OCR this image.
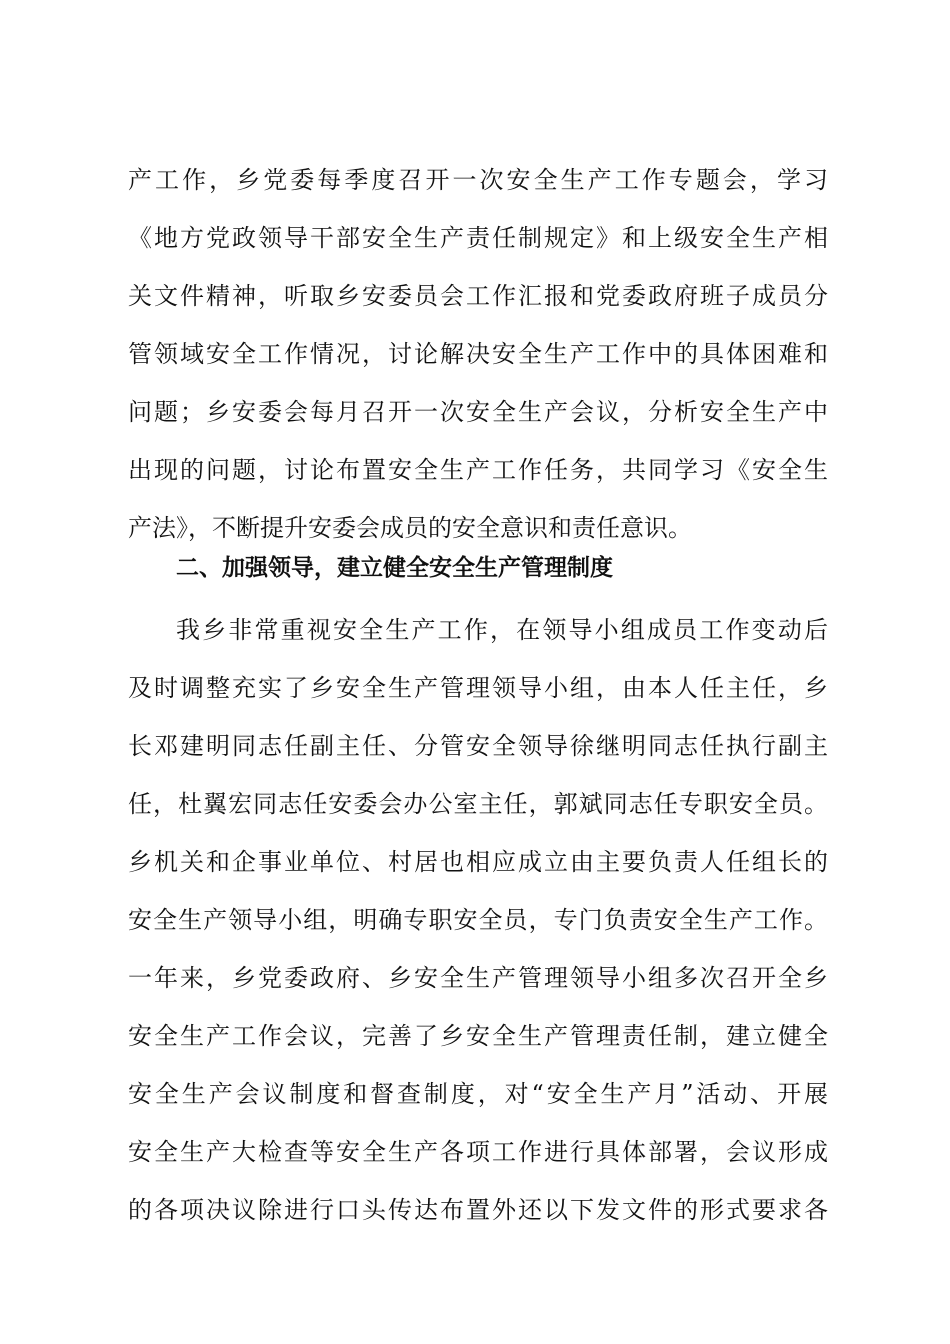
产工作，乡党委每季度召开一次安全生产工作专题会，学习

《地方党政领导干部安全生产责任制规定》和上级安全生产相

关文件精神，听取乡安委员会工作汇报和党委政府班子成员分

管领域安全工作情况，讨论解决安全生产工作中的具体困难和

问题；乡安委会每月召开一次安全生产会议，分析安全生产中

出现的问题，讨论布置安全生产工作任务，共同学习《安全生

产法》，不断提升安委会成员的安全意识和责任意识。

二、加强领导，建立健全安全生产管理制度

我乡非常重视安全生产工作，在领导小组成员工作变动后

及时调整充实了乡安全生产管理领导小组，由本人任主任，乡

长邓建明同志任副主任、分管安全领导徐继明同志任执行副主

任，杜翼宏同志任安委会办公室主任，郭斌同志任专职安全员。

乡机关和企事业单位、村居也相应成立由主要负责人任组长的

安全生产领导小组，明确专职安全员，专门负责安全生产工作。

一年来，乡党委政府、乡安全生产管理领导小组多次召开全乡

安全生产工作会议，完善了乡安全生产管理责任制，建立健全

安全生产会议制度和督查制度，对“安全生产月”活动、开展

安全生产大检查等安全生产各项工作进行具体部署，会议形成

的各项决议除进行口头传达布置外还以下发文件的形式要求各
